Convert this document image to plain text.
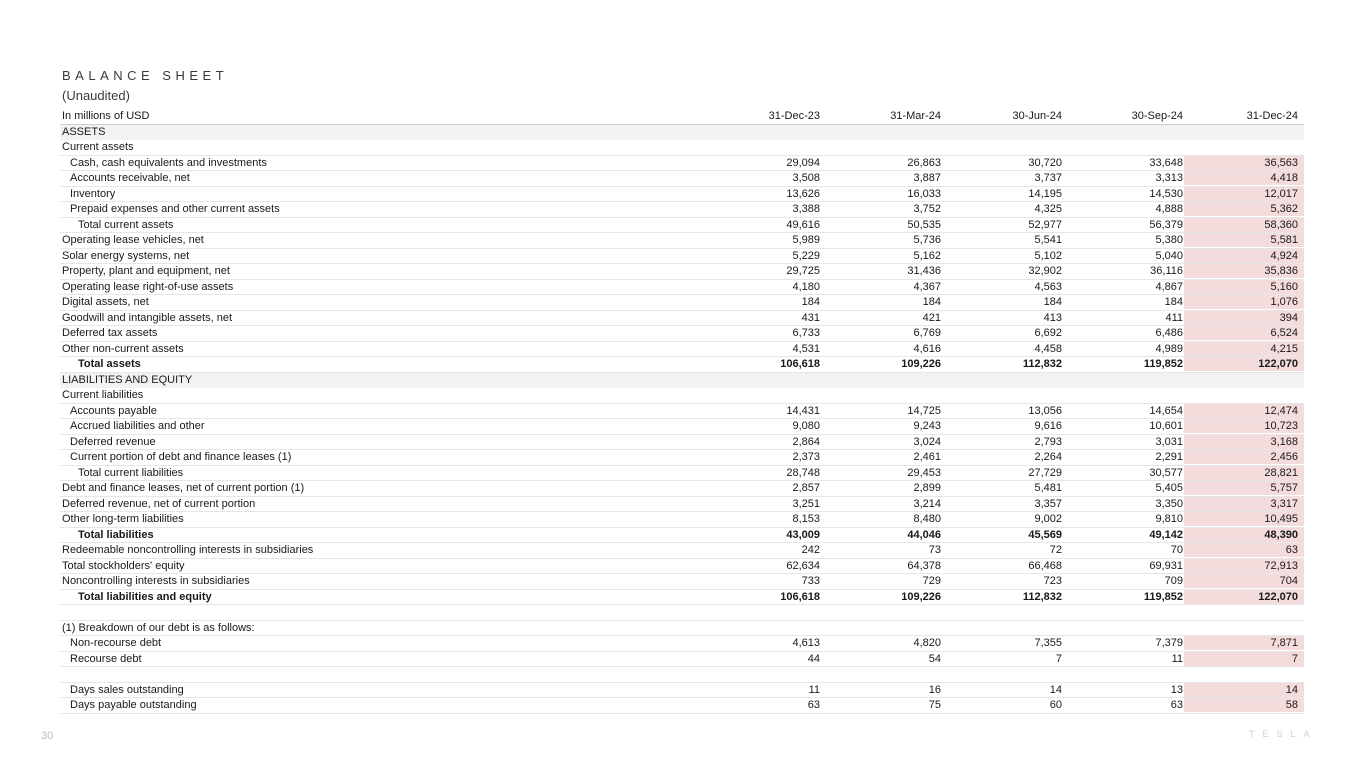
BALANCE SHEET
(Unaudited)
In millions of USD	31-Dec-23	31-Mar-24	30-Jun-24	30-Sep-24	31-Dec-24
ASSETS
Current assets
Cash, cash equivalents and investments	29,094	26,863	30,720	33,648	36,563
Accounts receivable, net	3,508	3,887	3,737	3,313	4,418
Inventory	13,626	16,033	14,195	14,530	12,017
Prepaid expenses and other current assets	3,388	3,752	4,325	4,888	5,362
Total current assets	49,616	50,535	52,977	56,379	58,360
Operating lease vehicles, net	5,989	5,736	5,541	5,380	5,581
Solar energy systems, net	5,229	5,162	5,102	5,040	4,924
Property, plant and equipment, net	29,725	31,436	32,902	36,116	35,836
Operating lease right-of-use assets	4,180	4,367	4,563	4,867	5,160
Digital assets, net	184	184	184	184	1,076
Goodwill and intangible assets, net	431	421	413	411	394
Deferred tax assets	6,733	6,769	6,692	6,486	6,524
Other non-current assets	4,531	4,616	4,458	4,989	4,215
Total assets	106,618	109,226	112,832	119,852	122,070
LIABILITIES AND EQUITY
Current liabilities
Accounts payable	14,431	14,725	13,056	14,654	12,474
Accrued liabilities and other	9,080	9,243	9,616	10,601	10,723
Deferred revenue	2,864	3,024	2,793	3,031	3,168
Current portion of debt and finance leases (1)	2,373	2,461	2,264	2,291	2,456
Total current liabilities	28,748	29,453	27,729	30,577	28,821
Debt and finance leases, net of current portion (1)	2,857	2,899	5,481	5,405	5,757
Deferred revenue, net of current portion	3,251	3,214	3,357	3,350	3,317
Other long-term liabilities	8,153	8,480	9,002	9,810	10,495
Total liabilities	43,009	44,046	45,569	49,142	48,390
Redeemable noncontrolling interests in subsidiaries	242	73	72	70	63
Total stockholders' equity	62,634	64,378	66,468	69,931	72,913
Noncontrolling interests in subsidiaries	733	729	723	709	704
Total liabilities and equity	106,618	109,226	112,832	119,852	122,070
(1) Breakdown of our debt is as follows:
Non-recourse debt	4,613	4,820	7,355	7,379	7,871
Recourse debt	44	54	7	11	7
Days sales outstanding	11	16	14	13	14
Days payable outstanding	63	75	60	63	58
30	TESLA
